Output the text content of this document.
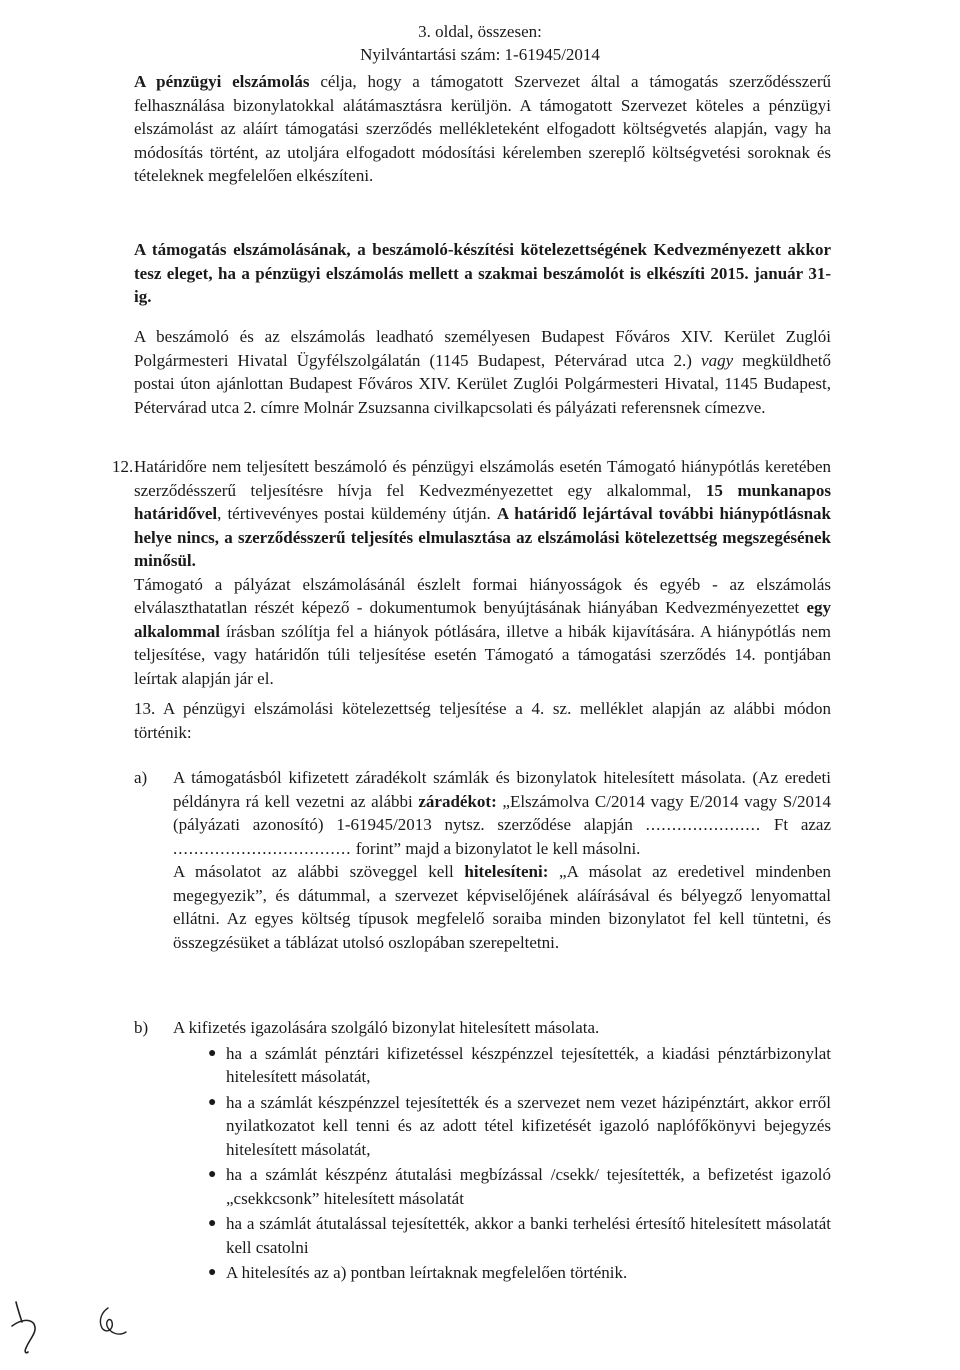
3. oldal, összesen:
Nyilvántartási szám: 1-61945/2014
A pénzügyi elszámolás célja, hogy a támogatott Szervezet által a támogatás szerződésszerű felhasználása bizonylatokkal alátámasztásra kerüljön. A támogatott Szervezet köteles a pénzügyi elszámolást az aláírt támogatási szerződés mellékleteként elfogadott költségvetés alapján, vagy ha módosítás történt, az utoljára elfogadott módosítási kérelemben szereplő költségvetési soroknak és tételeknek megfelelően elkészíteni.
A támogatás elszámolásának, a beszámoló-készítési kötelezettségének Kedvezményezett akkor tesz eleget, ha a pénzügyi elszámolás mellett a szakmai beszámolót is elkészíti 2015. január 31-ig.
A beszámoló és az elszámolás leadható személyesen Budapest Főváros XIV. Kerület Zuglói Polgármesteri Hivatal Ügyfélszolgálatán (1145 Budapest, Pétervárad utca 2.) vagy megküldhető postai úton ajánlottan Budapest Főváros XIV. Kerület Zuglói Polgármesteri Hivatal, 1145 Budapest, Pétervárad utca 2. címre Molnár Zsuzsanna civilkapcsolati és pályázati referensnek címezve.
12. Határidőre nem teljesített beszámoló és pénzügyi elszámolás esetén Támogató hiánypótlás keretében szerződésszerű teljesítésre hívja fel Kedvezményezettet egy alkalommal, 15 munkanapos határidővel, tértivevényes postai küldemény útján. A határidő lejártával további hiánypótlásnak helye nincs, a szerződésszerű teljesítés elmulasztása az elszámolási kötelezettség megszegésének minősül.
Támogató a pályázat elszámolásánál észlelt formai hiányosságok és egyéb - az elszámolás elválaszthatatlan részét képező - dokumentumok benyújtásának hiányában Kedvezményezettet egy alkalommal írásban szólítja fel a hiányok pótlására, illetve a hibák kijavítására. A hiánypótlás nem teljesítése, vagy határidőn túli teljesítése esetén Támogató a támogatási szerződés 14. pontjában leírtak alapján jár el.
13. A pénzügyi elszámolási kötelezettség teljesítése a 4. sz. melléklet alapján az alábbi módon történik:
a) A támogatásból kifizetett záradékolt számlák és bizonylatok hitelesített másolata. (Az eredeti példányra rá kell vezetni az alábbi záradékot: „Elszámolva C/2014 vagy E/2014 vagy S/2014 (pályázati azonosító) 1-61945/2013 nytsz. szerződése alapján ...................... Ft azaz .................................. forint” majd a bizonylatot le kell másolni.
A másolatot az alábbi szöveggel kell hitelesíteni: „A másolat az eredetivel mindenben megegyezik”, és dátummal, a szervezet képviselőjének aláírásával és bélyegző lenyomattal ellátni. Az egyes költség típusok megfelelő soraiba minden bizonylatot fel kell tüntetni, és összegzésüket a táblázat utolsó oszlopában szerepeltetni.
b) A kifizetés igazolására szolgáló bizonylat hitelesített másolata.
● ha a számlát pénztári kifizetéssel készpénzzel tejesítették, a kiadási pénztárbizonylat hitelesített másolatát,
● ha a számlát készpénzzel tejesítették és a szervezet nem vezet házipénztárt, akkor erről nyilatkozatot kell tenni és az adott tétel kifizetését igazoló naplófőkönyvi bejegyzés hitelesített másolatát,
● ha a számlát készpénz átutalási megbízással /csekk/ tejesítették, a befizetést igazoló „csekkcsonk” hitelesített másolatát
● ha a számlát átutalással tejesítették, akkor a banki terhelési értesítő hitelesített másolatát kell csatolni
● A hitelesítés az a) pontban leírtaknak megfelelően történik.
